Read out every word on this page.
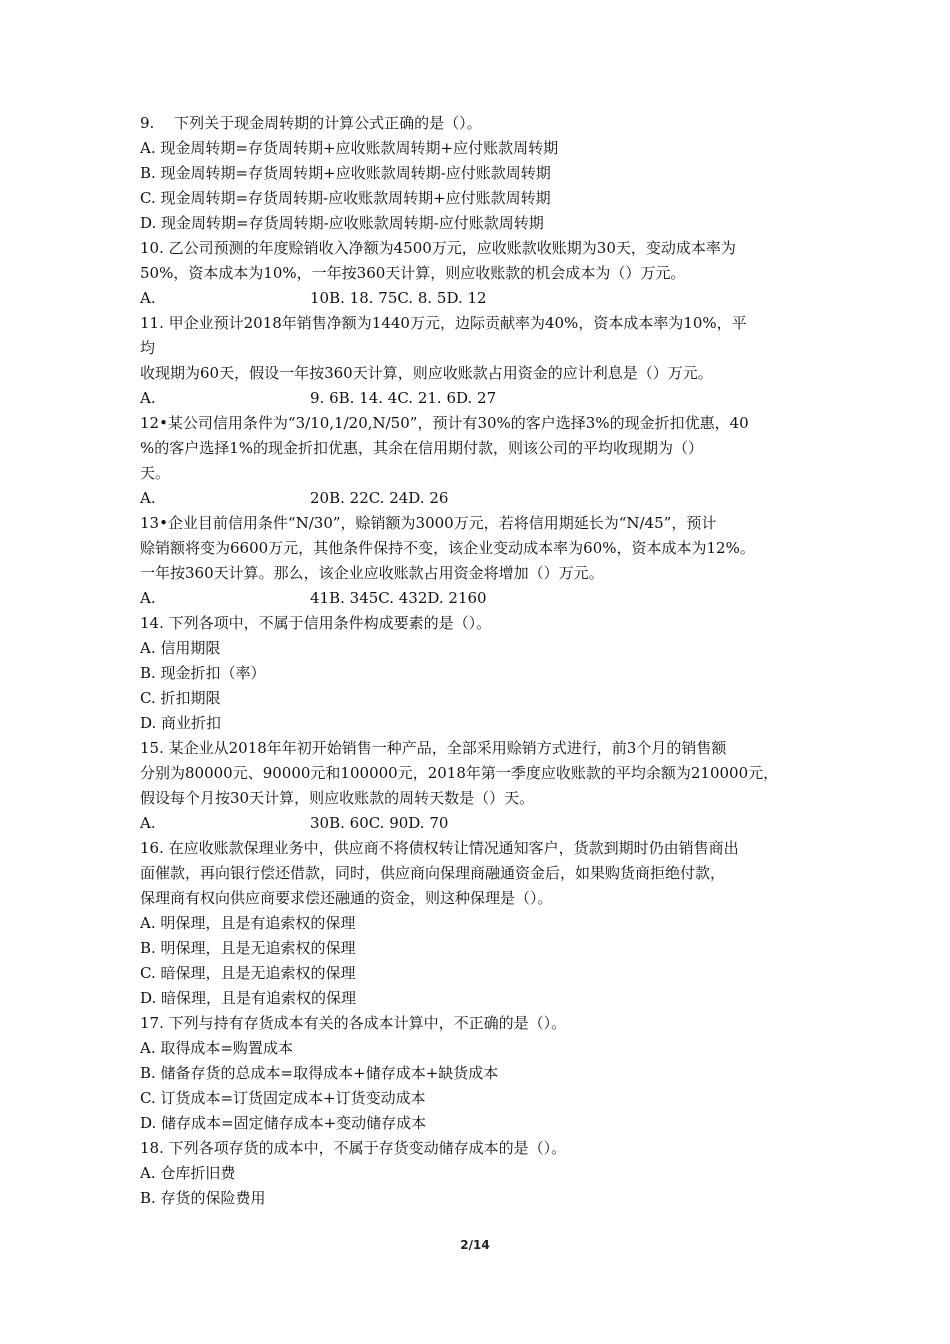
9.　 下列关于现金周转期的计算公式正确的是（）。
A. 现金周转期=存货周转期+应收账款周转期+应付账款周转期
B. 现金周转期=存货周转期+应收账款周转期-应付账款周转期
C. 现金周转期=存货周转期-应收账款周转期+应付账款周转期
D. 现金周转期=存货周转期-应收账款周转期-应付账款周转期
10. 乙公司预测的年度赊销收入净额为4500万元，应收账款收账期为30天，变动成本率为
50%，资本成本为10%，一年按360天计算，则应收账款的机会成本为（）万元。
A.	10B. 18. 75C. 8. 5D. 12
11. 甲企业预计2018年销售净额为1440万元，边际贡献率为40%，资本成本率为10%，平
均
收现期为60天，假设一年按360天计算，则应收账款占用资金的应计利息是（）万元。
A.	9. 6B. 14. 4C. 21. 6D. 27
12•某公司信用条件为“3/10,1/20,N/50”，预计有30%的客户选择3%的现金折扣优惠，40
%的客户选择1%的现金折扣优惠，其余在信用期付款，则该公司的平均收现期为（）
天。
A.	20B. 22C. 24D. 26
13•企业目前信用条件“N/30”，赊销额为3000万元，若将信用期延长为“N/45”，预计
赊销额将变为6600万元，其他条件保持不变，该企业变动成本率为60%，资本成本为12%。
一年按360天计算。那么，该企业应收账款占用资金将增加（）万元。
A.	41B. 345C. 432D. 2160
14. 下列各项中，不属于信用条件构成要素的是（）。
A. 信用期限
B. 现金折扣（率）
C. 折扣期限
D. 商业折扣
15. 某企业从2018年年初开始销售一种产品，全部采用赊销方式进行，前3个月的销售额
分别为80000元、90000元和100000元，2018年第一季度应收账款的平均余额为210000元，
假设每个月按30天计算，则应收账款的周转天数是（）天。
A.	30B. 60C. 90D. 70
16. 在应收账款保理业务中，供应商不将债权转让情况通知客户，货款到期时仍由销售商出
面催款，再向银行偿还借款，同时，供应商向保理商融通资金后，如果购货商拒绝付款，
保理商有权向供应商要求偿还融通的资金，则这种保理是（）。
A. 明保理，且是有追索权的保理
B. 明保理，且是无追索权的保理
C. 暗保理，且是无追索权的保理
D. 暗保理，且是有追索权的保理
17. 下列与持有存货成本有关的各成本计算中，不正确的是（）。
A. 取得成本=购置成本
B. 储备存货的总成本=取得成本+储存成本+缺货成本
C. 订货成本=订货固定成本+订货变动成本
D. 储存成本=固定储存成本+变动储存成本
18. 下列各项存货的成本中，不属于存货变动储存成本的是（）。
A. 仓库折旧费
B. 存货的保险费用
2/14
